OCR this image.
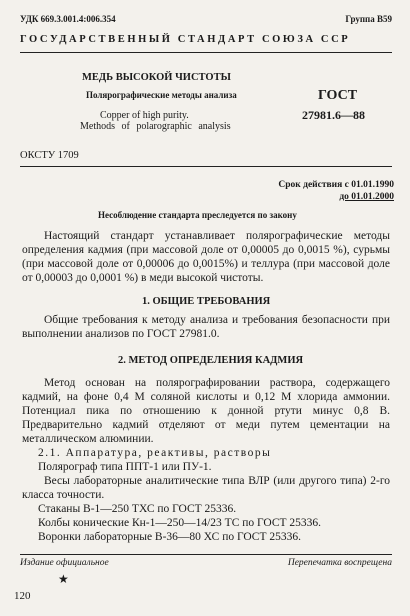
УДК 669.3.001.4:006.354	Группа В59
ГОСУДАРСТВЕННЫЙ СТАНДАРТ СОЮЗА ССР
МЕДЬ ВЫСОКОЙ ЧИСТОТЫ
Полярографические методы анализа
Copper of high purity.
Methods of polarographic analysis
ГОСТ
27981.6—88
ОКСТУ 1709
Срок действия с 01.01.1990
до 01.01.2000
Несоблюдение стандарта преследуется по закону
Настоящий стандарт устанавливает полярографические методы определения кадмия (при массовой доле от 0,00005 до 0,0015 %), сурьмы (при массовой доле от 0,00006 до 0,0015%) и теллура (при массовой доле от 0,00003 до 0,0001 %) в меди высокой чистоты.
1. ОБЩИЕ ТРЕБОВАНИЯ
Общие требования к методу анализа и требования безопасности при выполнении анализов по ГОСТ 27981.0.
2. МЕТОД ОПРЕДЕЛЕНИЯ КАДМИЯ
Метод основан на полярографировании раствора, содержащего кадмий, на фоне 0,4 М соляной кислоты и 0,12 М хлорида аммонии. Потенциал пика по отношению к донной ртути минус 0,8 В. Предварительно кадмий отделяют от меди путем цементации на металлическом алюминии.
2.1. Аппаратура, реактивы, растворы
Полярограф типа ППТ-1 или ПУ-1.
Весы лабораторные аналитические типа ВЛР (или другого типа) 2-го класса точности.
Стаканы В-1—250 ТХС по ГОСТ 25336.
Колбы конические Кн-1—250—14/23 ТС по ГОСТ 25336.
Воронки лабораторные В-36—80 ХС по ГОСТ 25336.
Издание официальное	Перепечатка воспрещена
★
120
